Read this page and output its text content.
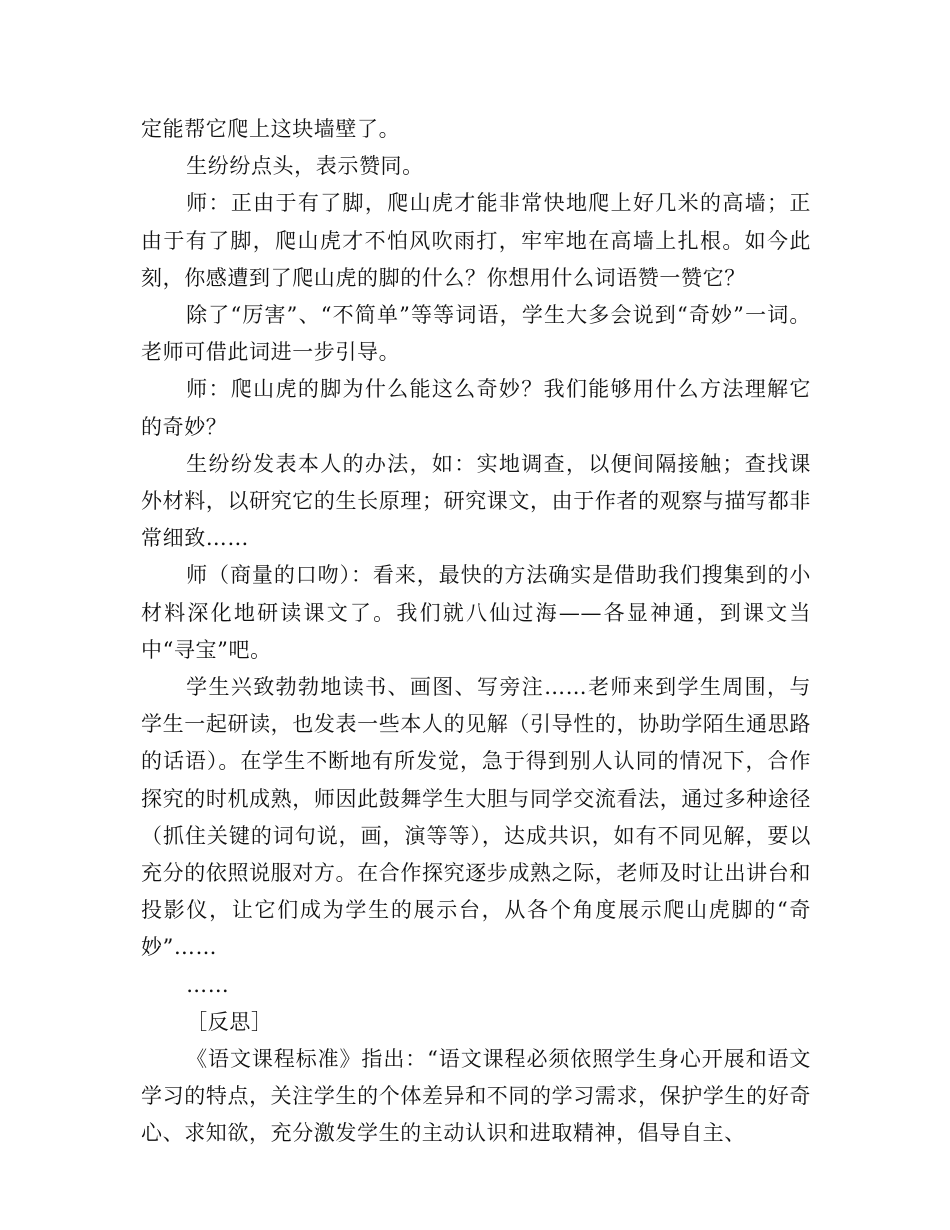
定能帮它爬上这块墙壁了。

生纷纷点头，表示赞同。

师：正由于有了脚，爬山虎才能非常快地爬上好几米的高墙；正由于有了脚，爬山虎才不怕风吹雨打，牢牢地在高墙上扎根。如今此刻，你感遭到了爬山虎的脚的什么？你想用什么词语赞一赞它？

除了“厉害”、“不简单”等等词语，学生大多会说到“奇妙”一词。老师可借此词进一步引导。

师：爬山虎的脚为什么能这么奇妙？我们能够用什么方法理解它的奇妙？

生纷纷发表本人的办法，如：实地调查，以便间隔接触；查找课外材料，以研究它的生长原理；研究课文，由于作者的观察与描写都非常细致……

师（商量的口吻）：看来，最快的方法确实是借助我们搜集到的小材料深化地研读课文了。我们就八仙过海——各显神通，到课文当中“寻宝”吧。

学生兴致勃勃地读书、画图、写旁注……老师来到学生周围，与学生一起研读，也发表一些本人的见解（引导性的，协助学陌生通思路的话语）。在学生不断地有所发觉，急于得到别人认同的情况下，合作探究的时机成熟，师因此鼓舞学生大胆与同学交流看法，通过多种途径（抓住关键的词句说，画，演等等），达成共识，如有不同见解，要以充分的依照说服对方。在合作探究逐步成熟之际，老师及时让出讲台和投影仪，让它们成为学生的展示台，从各个角度展示爬山虎脚的“奇妙”……

……

［反思］

《语文课程标准》指出：“语文课程必须依照学生身心开展和语文学习的特点，关注学生的个体差异和不同的学习需求，保护学生的好奇心、求知欲，充分激发学生的主动认识和进取精神，倡导自主、
